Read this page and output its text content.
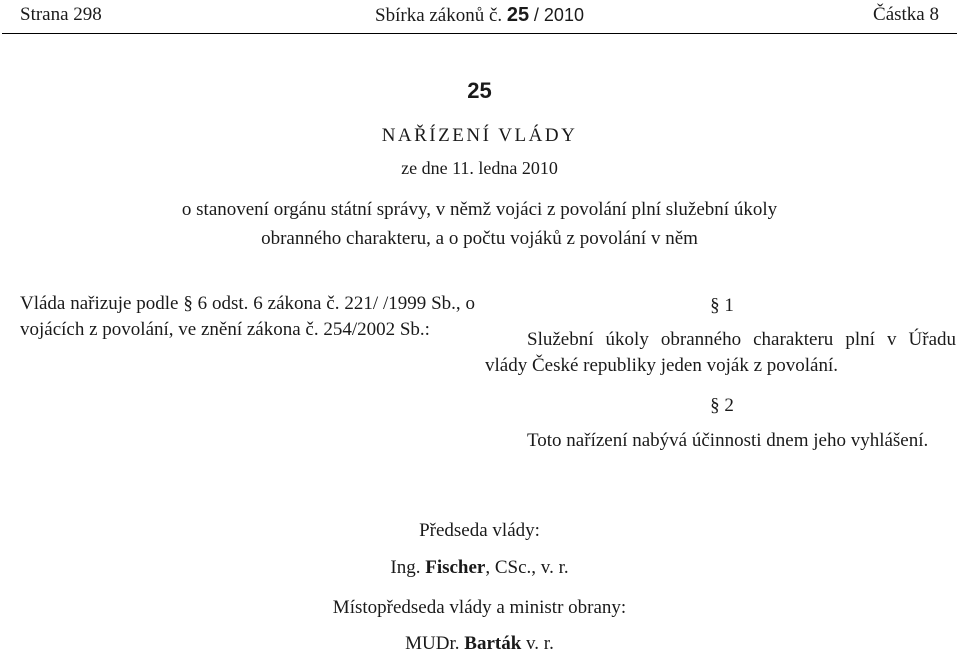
Strana 298	Sbírka zákonů č. 25 / 2010	Částka 8
25
NAŘÍZENÍ VLÁDY
ze dne 11. ledna 2010
o stanovení orgánu státní správy, v němž vojáci z povolání plní služební úkoly
obranného charakteru, a o počtu vojáků z povolání v něm
Vláda nařizuje podle § 6 odst. 6 zákona č. 221/ /1999 Sb., o vojácích z povolání, ve znění zákona č. 254/2002 Sb.:
§ 1
Služební úkoly obranného charakteru plní v Úřadu vlády České republiky jeden voják z povolání.
§ 2
Toto nařízení nabývá účinnosti dnem jeho vyhlášení.
Předseda vlády:
Ing. Fischer, CSc., v. r.
Místopředseda vlády a ministr obrany:
MUDr. Barták v. r.
